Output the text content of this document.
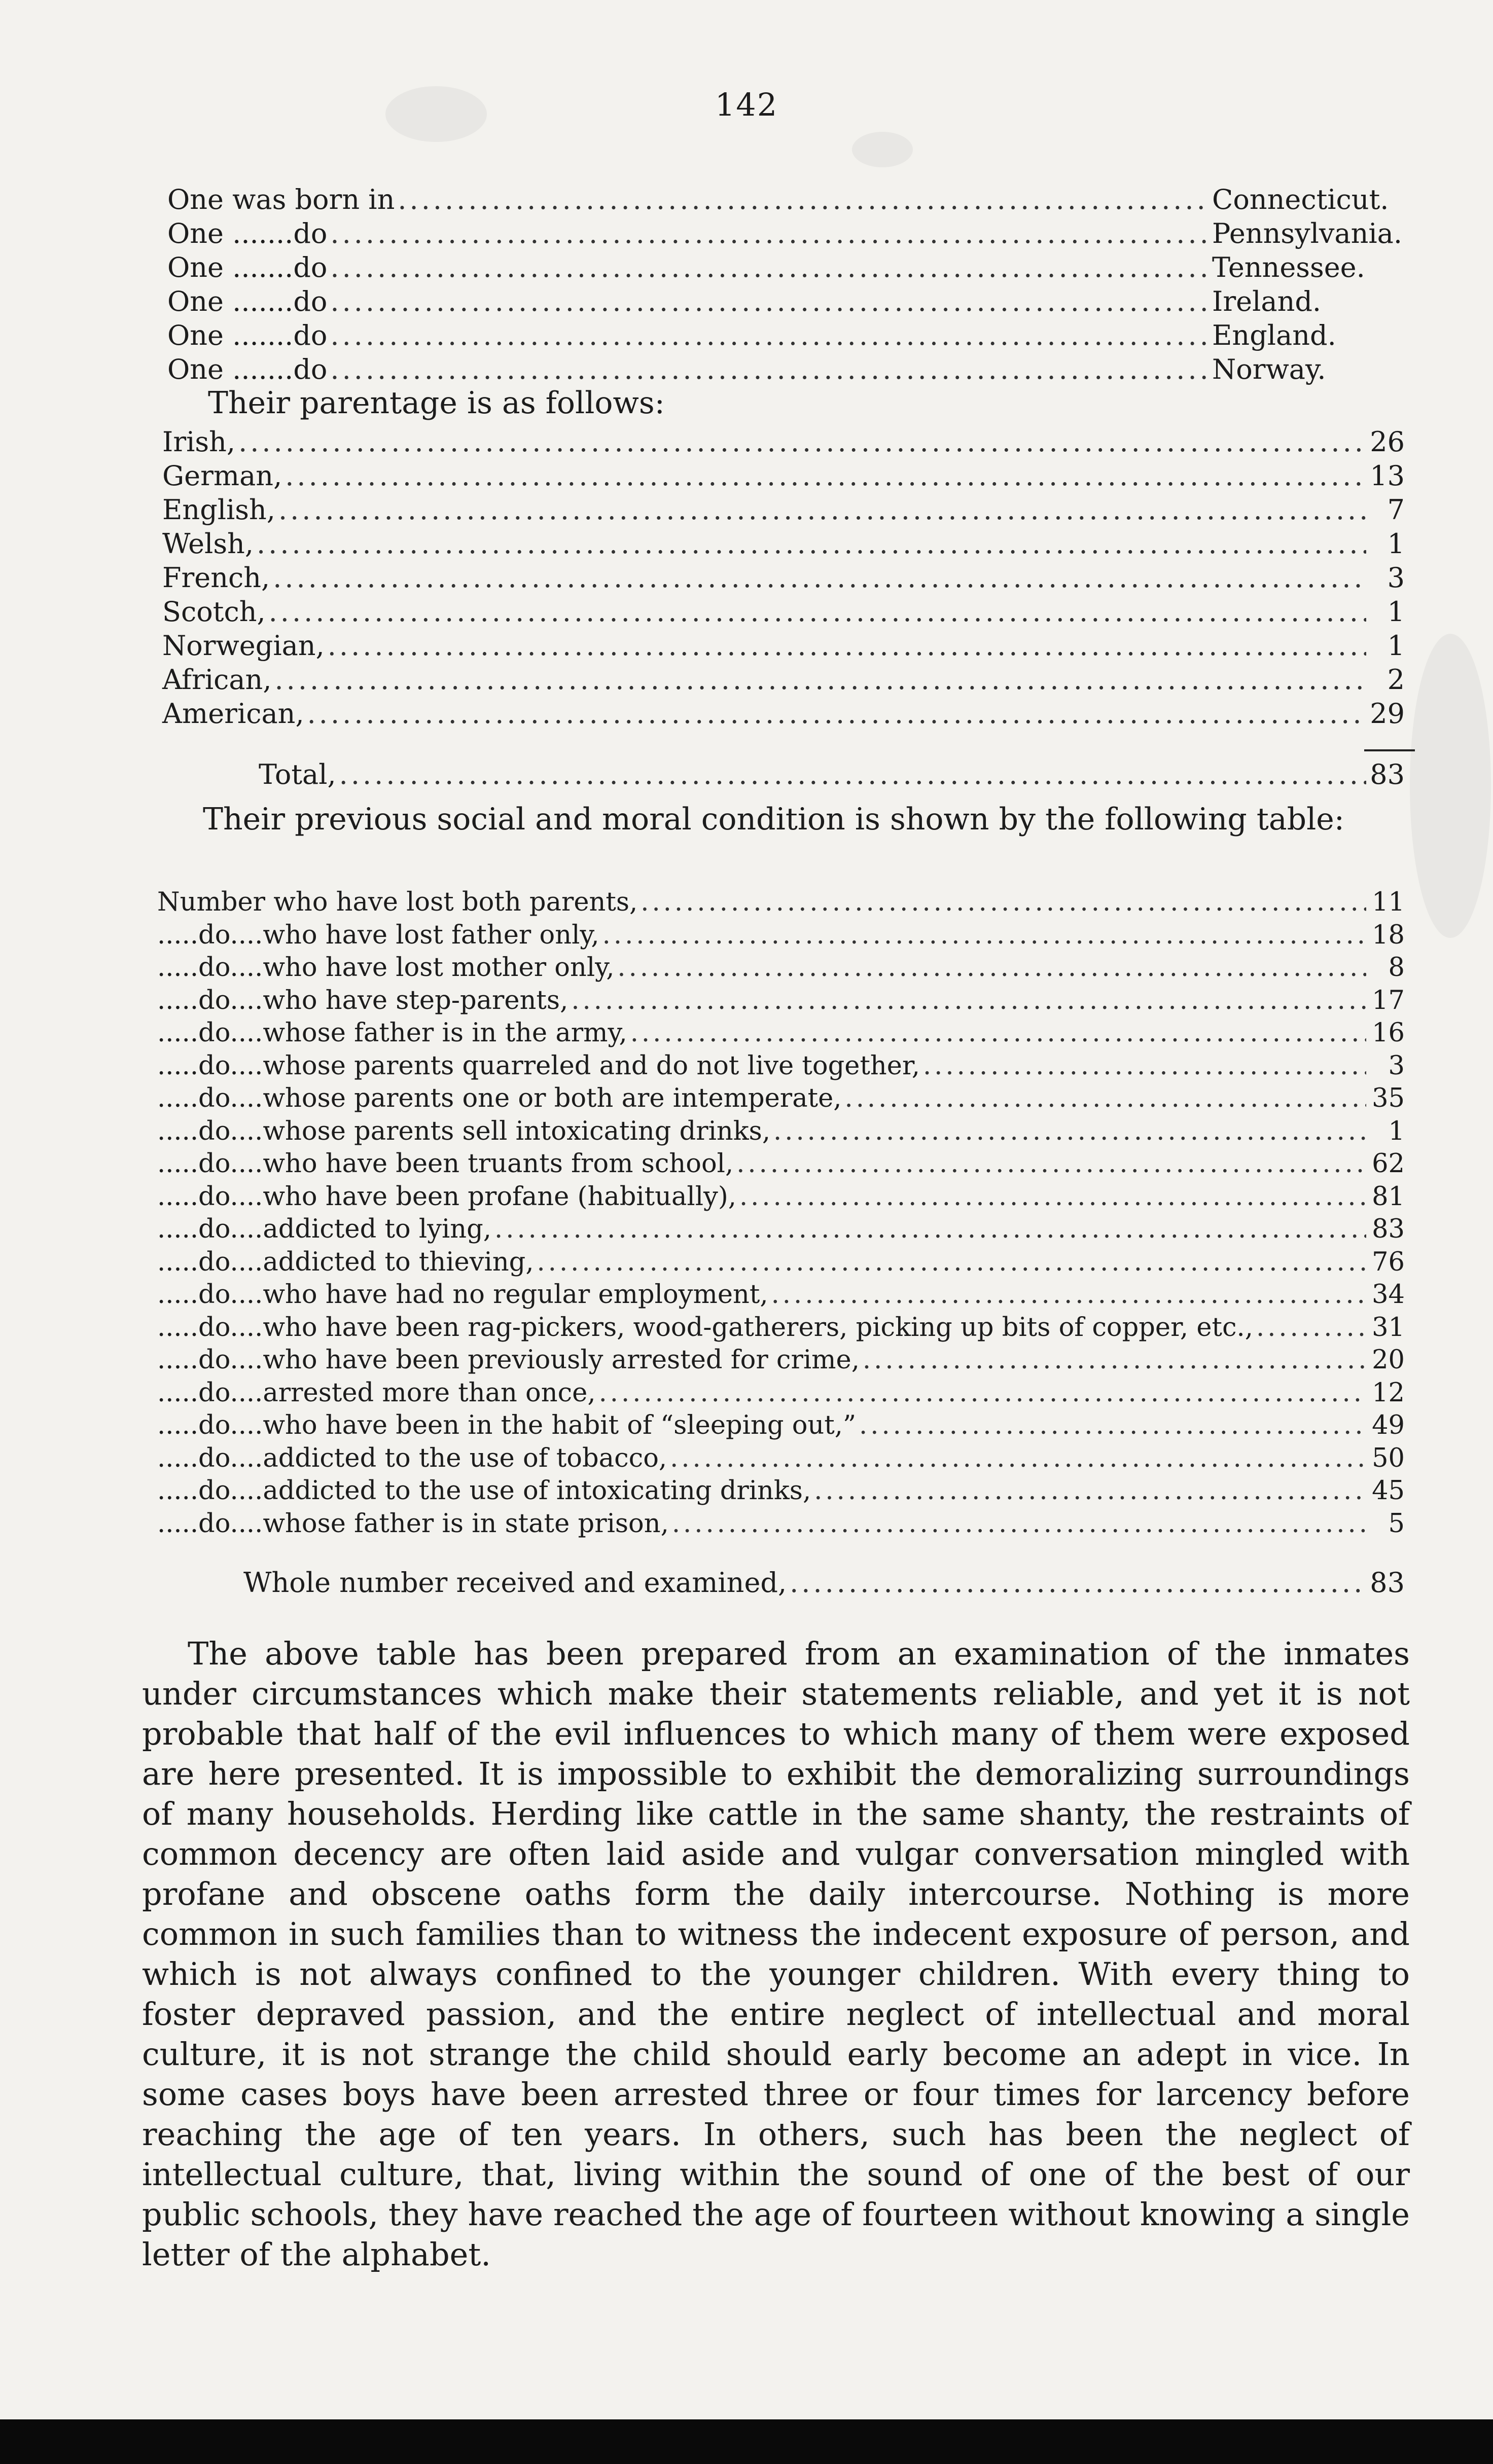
142
One was born in .....	Connecticut.
One .......do .....	Pennsylvania.
One .......do .....	Tennessee.
One .......do .....	Ireland.
One .......do .....	England.
One .......do .....	Norway.
Their parentage is as follows:
Irish, .....	26
German, .....	13
English, .....	7
Welsh, .....	1
French, .....	3
Scotch, .....	1
Norwegian, .....	1
African, .....	2
American, .....	29
Total, .....	83
Their previous social and moral condition is shown by the following table:
Number who have lost both parents, .....	11
.....do....who have lost father only, .....	18
.....do....who have lost mother only, .....	8
.....do....who have step-parents, .....	17
.....do....whose father is in the army, .....	16
.....do....whose parents quarreled and do not live together, .....	3
.....do....whose parents one or both are intemperate, .....	35
.....do....whose parents sell intoxicating drinks, .....	1
.....do....who have been truants from school, .....	62
.....do....who have been profane (habitually), .....	81
.....do....addicted to lying, .....	83
.....do....addicted to thieving, .....	76
.....do....who have had no regular employment, .....	34
.....do....who have been rag-pickers, wood-gatherers, picking up bits of copper, etc., .....	31
.....do....who have been previously arrested for crime, .....	20
.....do....arrested more than once, .....	12
.....do....who have been in the habit of “sleeping out,” .....	49
.....do....addicted to the use of tobacco, .....	50
.....do....addicted to the use of intoxicating drinks, .....	45
.....do....whose father is in state prison, .....	5
Whole number received and examined, .....	83

The above table has been prepared from an examination of the inmates under circumstances which make their statements reliable, and yet it is not probable that half of the evil influences to which many of them were exposed are here presented. It is impossible to exhibit the demoralizing surroundings of many households. Herding like cattle in the same shanty, the restraints of common decency are often laid aside and vulgar conversation mingled with profane and obscene oaths form the daily intercourse. Nothing is more common in such families than to witness the indecent exposure of person, and which is not always confined to the younger children. With every thing to foster depraved passion, and the entire neglect of intellectual and moral culture, it is not strange the child should early become an adept in vice. In some cases boys have been arrested three or four times for larcency before reaching the age of ten years. In others, such has been the neglect of intellectual culture, that, living within the sound of one of the best of our public schools, they have reached the age of fourteen without knowing a single letter of the alphabet.
